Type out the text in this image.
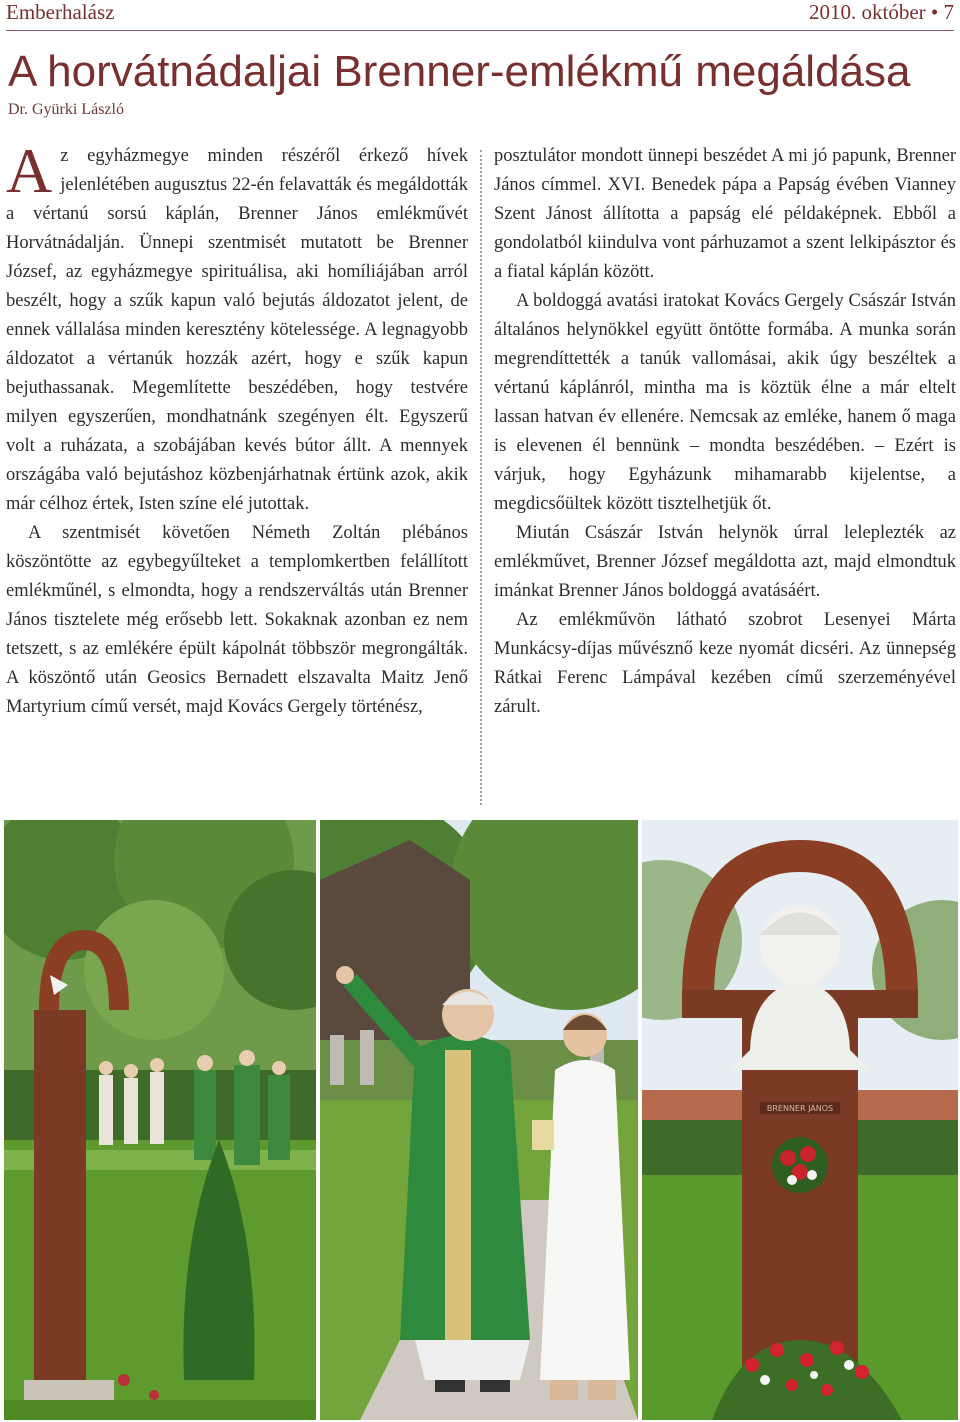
Emberhalász	2010. október • 7
A horvátnádaljai Brenner-emlékmű megáldása
Dr. Gyürki László

Az egyházmegye minden részéről érkező hívek jelenlétében augusztus 22-én felavatták és megáldották a vértanú sorsú káplán, Brenner János emlékművét Horvátnádalján. Ünnepi szentmisét mutatott be Brenner József, az egyházmegye spirituálisa, aki homíliájában arról beszélt, hogy a szűk kapun való bejutás áldozatot jelent, de ennek vállalása minden keresztény kötelessége. A legnagyobb áldozatot a vértanúk hozzák azért, hogy e szűk kapun bejuthassanak. Megemlítette beszédében, hogy testvére milyen egyszerűen, mondhatnánk szegényen élt. Egyszerű volt a ruházata, a szobájában kevés bútor állt. A mennyek országába való bejutáshoz közbenjárhatnak értünk azok, akik már célhoz értek, Isten színe elé jutottak.

A szentmisét követően Németh Zoltán plébános köszöntötte az egybegyűlteket a templomkertben felállított emlékműnél, s elmondta, hogy a rendszerváltás után Brenner János tisztelete még erősebb lett. Sokaknak azonban ez nem tetszett, s az emlékére épült kápolnát többször megrongálták. A köszöntő után Geosics Bernadett elszavalta Maitz Jenő Martyrium című versét, majd Kovács Gergely történész,

posztulátor mondott ünnepi beszédet A mi jó papunk, Brenner János címmel. XVI. Benedek pápa a Papság évében Vianney Szent Jánost állította a papság elé példaképnek. Ebből a gondolatból kiindulva vont párhuzamot a szent lelkipásztor és a fiatal káplán között.

A boldoggá avatási iratokat Kovács Gergely Császár István általános helynökkel együtt öntötte formába. A munka során megrendíttették a tanúk vallomásai, akik úgy beszéltek a vértanú káplánról, mintha ma is köztük élne a már eltelt lassan hatvan év ellenére. Nemcsak az emléke, hanem ő maga is elevenen él bennünk – mondta beszédében. – Ezért is várjuk, hogy Egyházunk mihamarabb kijelentse, a megdicsőültek között tisztelhetjük őt.

Miután Császár István helynök úrral leleplezték az emlékművet, Brenner József megáldotta azt, majd elmondtuk imánkat Brenner János boldoggá avatásáért.

Az emlékművön látható szobrot Lesenyei Márta Munkácsy-díjas művésznő keze nyomát dicséri. Az ünnepség Rátkai Ferenc Lámpával kezében című szerzeményével zárult.

BRENNER JÁNOS
